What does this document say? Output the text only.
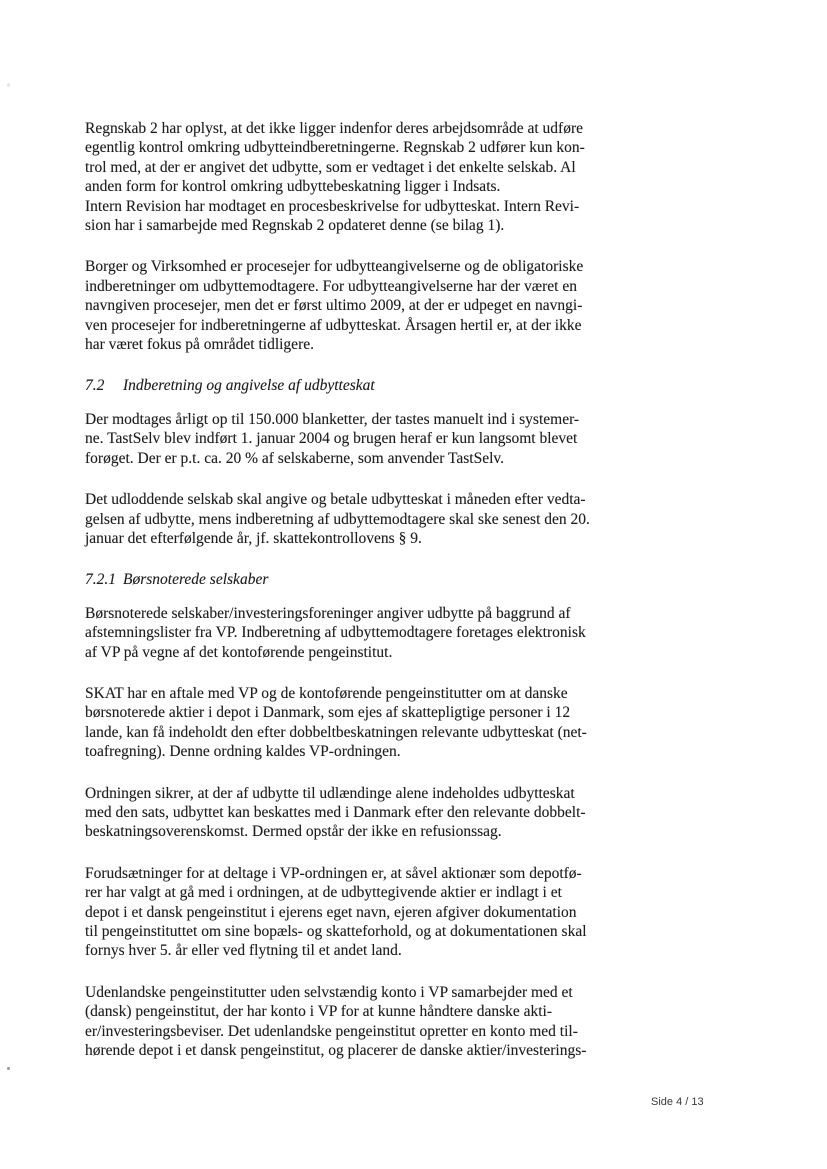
Regnskab 2 har oplyst, at det ikke ligger indenfor deres arbejdsområde at udføre
egentlig kontrol omkring udbytteindberetningerne. Regnskab 2 udfører kun kon-
trol med, at der er angivet det udbytte, som er vedtaget i det enkelte selskab. Al
anden form for kontrol omkring udbyttebeskatning ligger i Indsats.
Intern Revision har modtaget en procesbeskrivelse for udbytteskat. Intern Revi-
sion har i samarbejde med Regnskab 2 opdateret denne (se bilag 1).
Borger og Virksomhed er procesejer for udbytteangivelserne og de obligatoriske
indberetninger om udbyttemodtagere. For udbytteangivelserne har der været en
navngiven procesejer, men det er først ultimo 2009, at der er udpeget en navngi-
ven procesejer for indberetningerne af udbytteskat. Årsagen hertil er, at der ikke
har været fokus på området tidligere.
7.2 Indberetning og angivelse af udbytteskat
Der modtages årligt op til 150.000 blanketter, der tastes manuelt ind i systemer-
ne. TastSelv blev indført 1. januar 2004 og brugen heraf er kun langsomt blevet
forøget. Der er p.t. ca. 20 % af selskaberne, som anvender TastSelv.
Det udloddende selskab skal angive og betale udbytteskat i måneden efter vedta-
gelsen af udbytte, mens indberetning af udbyttemodtagere skal ske senest den 20.
januar det efterfølgende år, jf. skattekontrollovens § 9.
7.2.1 Børsnoterede selskaber
Børsnoterede selskaber/investeringsforeninger angiver udbytte på baggrund af
afstemningslister fra VP. Indberetning af udbyttemodtagere foretages elektronisk
af VP på vegne af det kontoførende pengeinstitut.
SKAT har en aftale med VP og de kontoførende pengeinstitutter om at danske
børsnoterede aktier i depot i Danmark, som ejes af skattepligtige personer i 12
lande, kan få indeholdt den efter dobbeltbeskatningen relevante udbytteskat (net-
toafregning). Denne ordning kaldes VP-ordningen.
Ordningen sikrer, at der af udbytte til udlændinge alene indeholdes udbytteskat
med den sats, udbyttet kan beskattes med i Danmark efter den relevante dobbelt-
beskatningsoverenskomst. Dermed opstår der ikke en refusionssag.
Forudsætninger for at deltage i VP-ordningen er, at såvel aktionær som depotfø-
rer har valgt at gå med i ordningen, at de udbyttegivende aktier er indlagt i et
depot i et dansk pengeinstitut i ejerens eget navn, ejeren afgiver dokumentation
til pengeinstituttet om sine bopæls- og skatteforhold, og at dokumentationen skal
fornys hver 5. år eller ved flytning til et andet land.
Udenlandske pengeinstitutter uden selvstændig konto i VP samarbejder med et
(dansk) pengeinstitut, der har konto i VP for at kunne håndtere danske akti-
er/investeringsbeviser. Det udenlandske pengeinstitut opretter en konto med til-
hørende depot i et dansk pengeinstitut, og placerer de danske aktier/investerings-
Side 4 / 13
